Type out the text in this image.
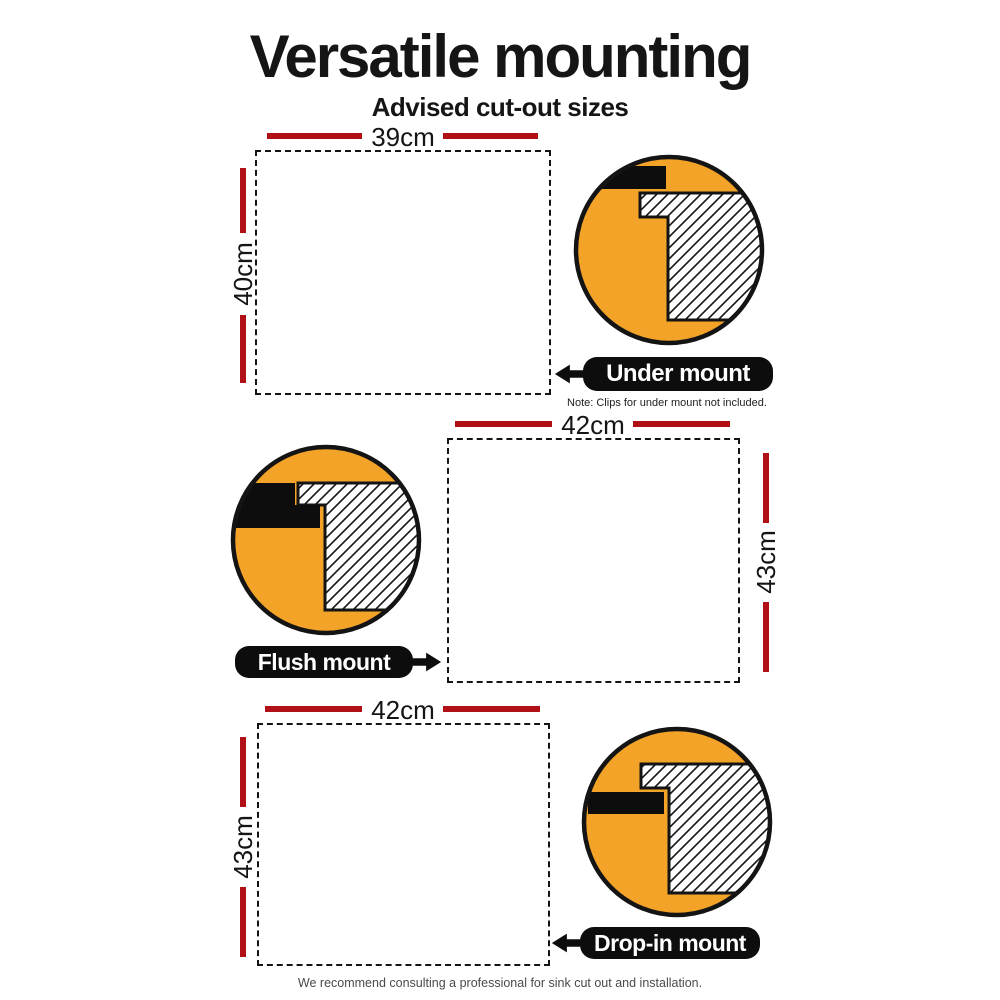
Versatile mounting
Advised cut-out sizes
39cm
40cm
Under mount
Note: Clips for under mount not included.
42cm
43cm
Flush mount
42cm
43cm
Drop-in mount
We recommend consulting a professional for sink cut out and installation.
